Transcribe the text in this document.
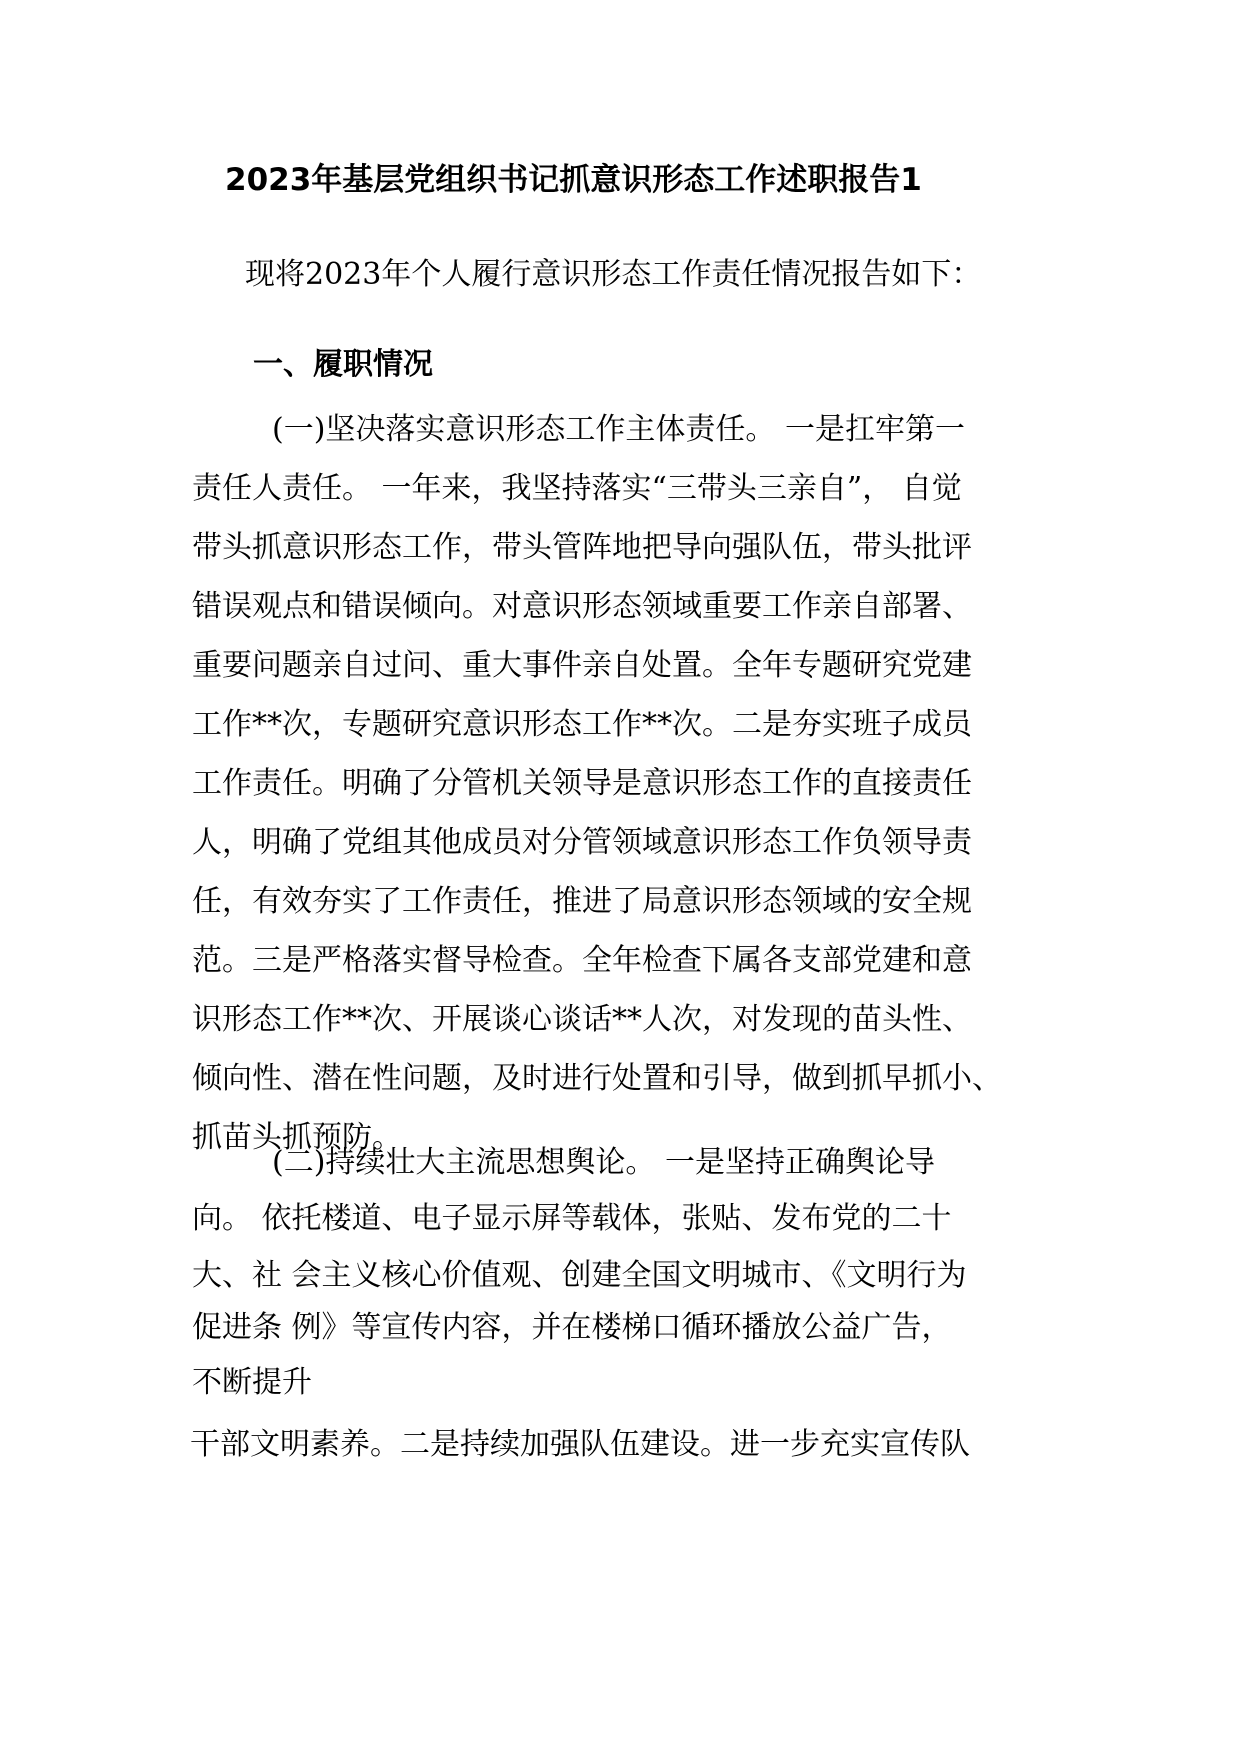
2023年基层党组织书记抓意识形态工作述职报告1
现将2023年个人履行意识形态工作责任情况报告如下：
一、履职情况
(一)坚决落实意识形态工作主体责任。 一是扛牢第一
责任人责任。 一年来，我坚持落实“三带头三亲自”， 自觉
带头抓意识形态工作，带头管阵地把导向强队伍，带头批评
错误观点和错误倾向。对意识形态领域重要工作亲自部署、
重要问题亲自过问、重大事件亲自处置。全年专题研究党建
工作**次，专题研究意识形态工作**次。二是夯实班子成员
工作责任。明确了分管机关领导是意识形态工作的直接责任
人，明确了党组其他成员对分管领域意识形态工作负领导责
任，有效夯实了工作责任，推进了局意识形态领域的安全规
范。三是严格落实督导检查。全年检查下属各支部党建和意
识形态工作**次、开展谈心谈话**人次，对发现的苗头性、
倾向性、潜在性问题，及时进行处置和引导，做到抓早抓小、
抓苗头抓预防。
(二)持续壮大主流思想舆论。 一是坚持正确舆论导
向。 依托楼道、电子显示屏等载体，张贴、发布党的二十
大、社 会主义核心价值观、创建全国文明城市、《文明行为
促进条 例》等宣传内容，并在楼梯口循环播放公益广告，
不断提升
干部文明素养。二是持续加强队伍建设。进一步充实宣传队
